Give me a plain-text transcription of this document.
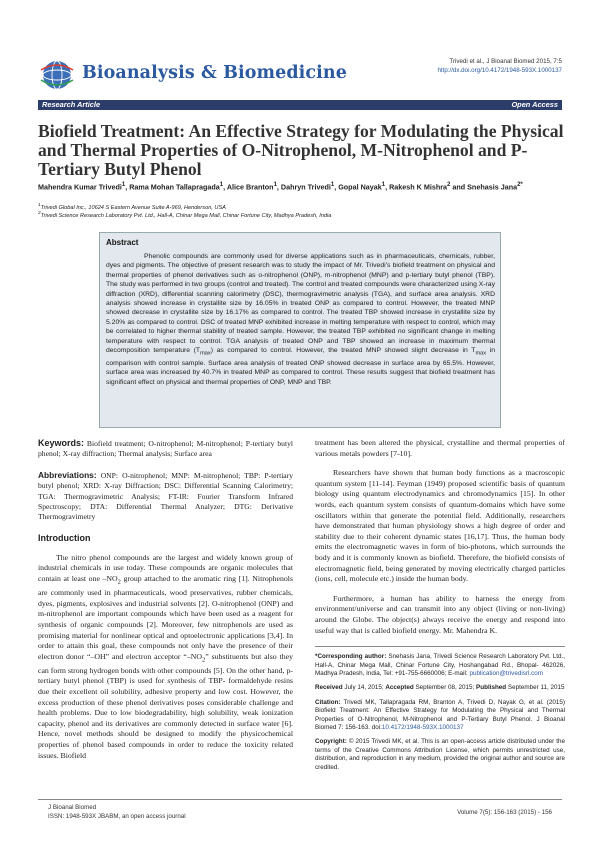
Bioanalysis & Biomedicine
Trivedi et al., J Bioanal Biomed 2015, 7:5
http://dx.doi.org/10.4172/1948-593X.1000137
Research Article	Open Access
Biofield Treatment: An Effective Strategy for Modulating the Physical and Thermal Properties of O-Nitrophenol, M-Nitrophenol and P-Tertiary Butyl Phenol
Mahendra Kumar Trivedi$^1$, Rama Mohan Tallapragada$^1$, Alice Branton$^1$, Dahryn Trivedi$^1$, Gopal Nayak$^1$, Rakesh K Mishra$^2$ and Snehasis Jana$^{2*}$
$^1$Trivedi Global Inc., 10624 S Eastern Avenue Suite A-969, Henderson, USA
$^2$Trivedi Science Research Laboratory Pvt. Ltd., Hall-A, Chinar Mega Mall, Chinar Fortune City, Madhya Pradesh, India
Abstract

Phenolic compounds are commonly used for diverse applications such as in pharmaceuticals, chemicals, rubber, dyes and pigments. The objective of present research was to study the impact of Mr. Trivedi’s biofield treatment on physical and thermal properties of phenol derivatives such as o-nitrophenol (ONP), m-nitrophenol (MNP) and p-tertiary butyl phenol (TBP). The study was performed in two groups (control and treated). The control and treated compounds were characterized using X-ray diffraction (XRD), differential scanning calorimetry (DSC), thermogravimetric analysis (TGA), and surface area analysis. XRD analysis showed increase in crystallite size by 16.05% in treated ONP as compared to control. However, the treated MNP showed decrease in crystallite size by 16.17% as compared to control. The treated TBP showed increase in crystallite size by 5.20% as compared to control. DSC of treated MNP exhibited increase in melting temperature with respect to control, which may be correlated to higher thermal stability of treated sample. However, the treated TBP exhibited no significant change in melting temperature with respect to control. TGA analysis of treated ONP and TBP showed an increase in maximum thermal decomposition temperature $(T_{max})$ as compared to control. However, the treated MNP showed slight decrease in $T_{max}$ in comparison with control sample. Surface area analysis of treated ONP showed decrease in surface area by 65.5%. However, surface area was increased by 40.7% in treated MNP as compared to control. These results suggest that biofield treatment has significant effect on physical and thermal properties of ONP, MNP and TBP.

Keywords: Biofield treatment; O-nitrophenol; M-nitrophenol; P-tertiary butyl phenol; X-ray diffraction; Thermal analysis; Surface area

Abbreviations: ONP: O-nitrophenol; MNP: M-nitrophenol; TBP: P-tertiary butyl phenol; XRD: X-ray Diffraction; DSC: Differential Scanning Calorimetry; TGA: Thermogravimetric Analysis; FT-IR: Fourier Transform Infrared Spectroscopy; DTA: Differential Thermal Analyzer; DTG: Derivative Thermogravimetry

Introduction

The nitro phenol compounds are the largest and widely known group of industrial chemicals in use today. These compounds are organic molecules that contain at least one $-NO_2$ group attached to the aromatic ring [1]. Nitrophenols are commonly used in pharmaceuticals, wood preservatives, rubber chemicals, dyes, pigments, explosives and industrial solvents [2]. O-nitrophenol (ONP) and m-nitrophenol are important compounds which have been used as a reagent for synthesis of organic compounds [2]. Moreover, few nitrophenols are used as promising material for nonlinear optical and optoelectronic applications [3,4]. In order to attain this goal, these compounds not only have the presence of their electron donor “–OH” and electron acceptor “$-NO_2$” substituents but also they can form strong hydrogen bonds with other compounds [5]. On the other hand, p-tertiary butyl phenol (TBP) is used for synthesis of TBP- formaldehyde resins due their excellent oil solubility, adhesive property and low cost. However, the excess production of these phenol derivatives poses considerable challenge and health problems. Due to low biodegradability, high solubility, weak ionization capacity, phenol and its derivatives are commonly detected in surface water [6]. Hence, novel methods should be designed to modify the physicochemical properties of phenol based compounds in order to reduce the toxicity related issues. Biofield

treatment has been altered the physical, crystalline and thermal properties of various metals powders [7-10].

Researchers have shown that human body functions as a macroscopic quantum system [11-14]. Feyman (1949) proposed scientific basis of quantum biology using quantum electrodynamics and chromodynamics [15]. In other words, each quantum system consists of quantum-domains which have some oscillators within that generate the potential field. Additionally, researchers have demonstrated that human physiology shows a high degree of order and stability due to their coherent dynamic states [16,17]. Thus, the human body emits the electromagnetic waves in form of bio-photons, which surrounds the body and it is commonly known as biofield. Therefore, the biofield consists of electromagnetic field, being generated by moving electrically charged particles (ions, cell, molecule etc.) inside the human body.

Furthermore, a human has ability to harness the energy from environment/universe and can transmit into any object (living or non-living) around the Globe. The object(s) always receive the energy and respond into useful way that is called biofield energy. Mr. Mahendra K.

*Corresponding author: Snehasis Jana, Trivedi Science Research Laboratory Pvt. Ltd., Hall-A, Chinar Mega Mall, Chinar Fortune City, Hoshangabad Rd., Bhopal- 462026, Madhya Pradesh, India, Tel: +91-755-6660006; E-mail: publication@trivedisrl.com

Received July 14, 2015; Accepted September 08, 2015; Published September 11, 2015

Citation: Trivedi MK, Tallapragada RM, Branton A, Trivedi D, Nayak G, et al. (2015) Biofield Treatment: An Effective Strategy for Modulating the Physical and Thermal Properties of O-Nitrophenol, M-Nitrophenol and P-Tertiary Butyl Phenol. J Bioanal Biomed 7: 156-163. doi:10.4172/1948-593X.1000137

Copyright: © 2015 Trivedi MK, et al. This is an open-access article distributed under the terms of the Creative Commons Attribution License, which permits unrestricted use, distribution, and reproduction in any medium, provided the original author and source are credited.

J Bioanal Biomed
ISSN: 1948-593X JBABM, an open access journal
Volume 7(5): 156-163 (2015) - 156
